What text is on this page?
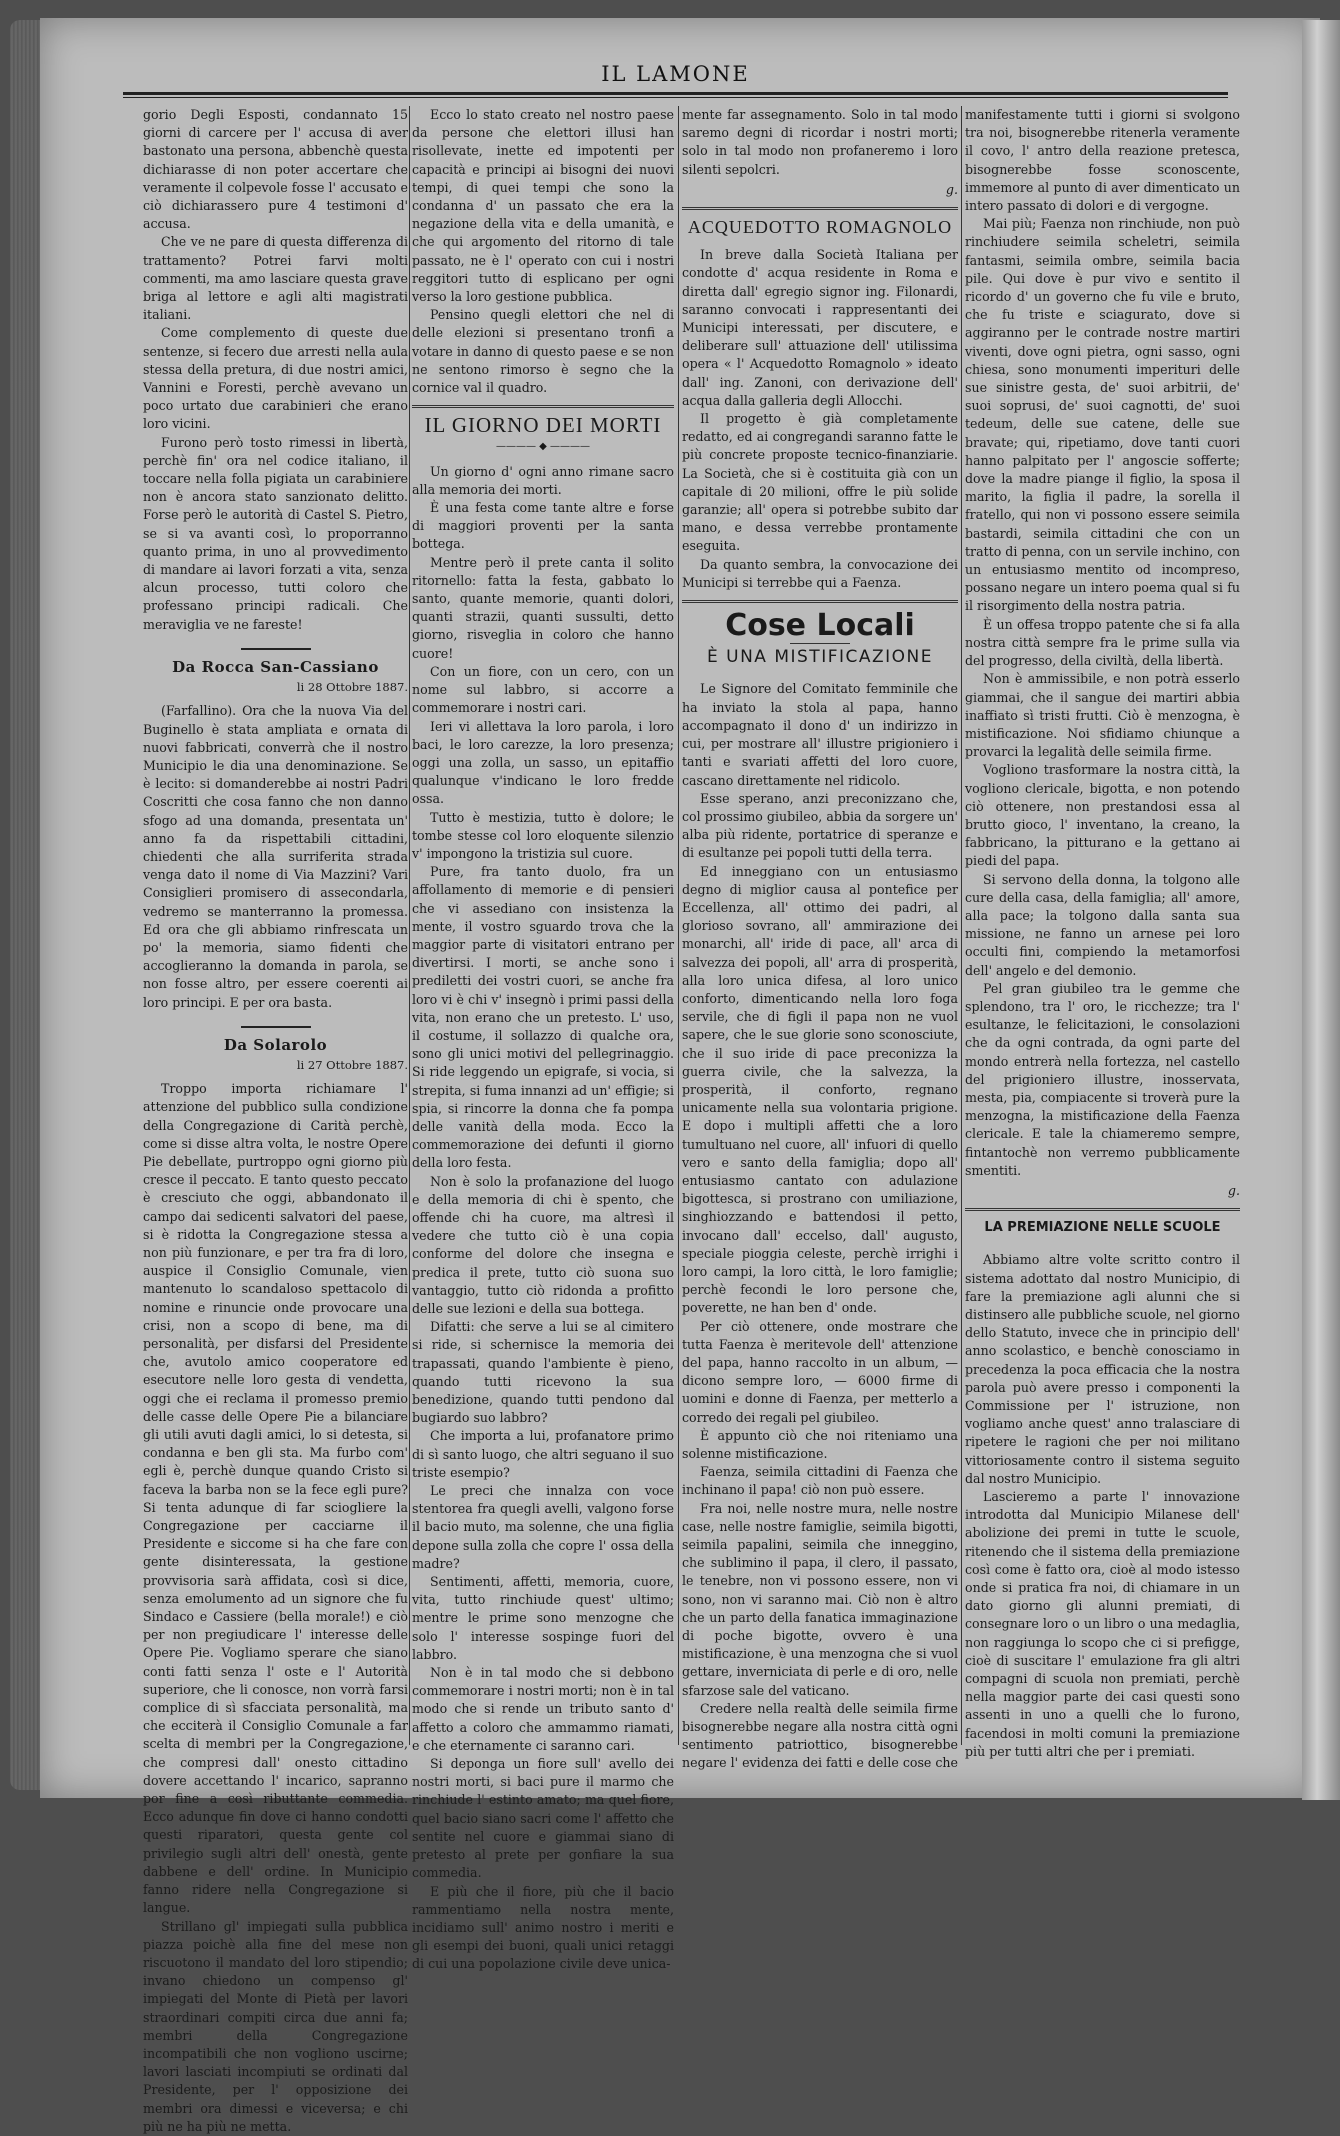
IL LAMONE

gorio Degli Esposti, condannato 15 giorni di carcere per l' accusa di aver bastonato una persona, abbenchè questa dichiarasse di non poter accertare che veramente il colpevole fosse l' accusato e ciò dichiarassero pure 4 testimoni d' accusa.

Che ve ne pare di questa differenza di trattamento? Potrei farvi molti commenti, ma amo lasciare questa grave briga al lettore e agli alti magistrati italiani.

Come complemento di queste due sentenze, si fecero due arresti nella aula stessa della pretura, di due nostri amici, Vannini e Foresti, perchè avevano un poco urtato due carabinieri che erano loro vicini.

Furono però tosto rimessi in libertà, perchè fin' ora nel codice italiano, il toccare nella folla pigiata un carabiniere non è ancora stato sanzionato delitto. Forse però le autorità di Castel S. Pietro, se si va avanti così, lo proporranno quanto prima, in uno al provvedimento di mandare ai lavori forzati a vita, senza alcun processo, tutti coloro che professano principi radicali. Che meraviglia ve ne fareste!

Da Rocca San-Cassiano
li 28 Ottobre 1887.

(Farfallino). Ora che la nuova Via del Buginello è stata ampliata e ornata di nuovi fabbricati, converrà che il nostro Municipio le dia una denominazione. Se è lecito: si domanderebbe ai nostri Padri Coscritti che cosa fanno che non danno sfogo ad una domanda, presentata un' anno fa da rispettabili cittadini, chiedenti che alla surriferita strada venga dato il nome di Via Mazzini? Vari Consiglieri promisero di assecondarla, vedremo se manterranno la promessa. Ed ora che gli abbiamo rinfrescata un po' la memoria, siamo fidenti che accoglieranno la domanda in parola, se non fosse altro, per essere coerenti ai loro principi. E per ora basta.

Da Solarolo
li 27 Ottobre 1887.

Troppo importa richiamare l' attenzione del pubblico sulla condizione della Congregazione di Carità perchè, come si disse altra volta, le nostre Opere Pie debellate, purtroppo ogni giorno più cresce il peccato. E tanto questo peccato è cresciuto che oggi, abbandonato il campo dai sedicenti salvatori del paese, si è ridotta la Congregazione stessa a non più funzionare, e per tra fra di loro, auspice il Consiglio Comunale, vien mantenuto lo scandaloso spettacolo di nomine e rinuncie onde provocare una crisi, non a scopo di bene, ma di personalità, per disfarsi del Presidente che, avutolo amico cooperatore ed esecutore nelle loro gesta di vendetta, oggi che ei reclama il promesso premio delle casse delle Opere Pie a bilanciare gli utili avuti dagli amici, lo si detesta, si condanna e ben gli sta. Ma furbo com' egli è, perchè dunque quando Cristo si faceva la barba non se la fece egli pure? Si tenta adunque di far sciogliere la Congregazione per cacciarne il Presidente e siccome si ha che fare con gente disinteressata, la gestione provvisoria sarà affidata, così si dice, senza emolumento ad un signore che fu Sindaco e Cassiere (bella morale!) e ciò per non pregiudicare l' interesse delle Opere Pie. Vogliamo sperare che siano conti fatti senza l' oste e l' Autorità superiore, che li conosce, non vorrà farsi complice di sì sfacciata personalità, ma che ecciterà il Consiglio Comunale a far scelta di membri per la Congregazione, che compresi dall' onesto cittadino dovere accettando l' incarico, sapranno por fine a così ributtante commedia. Ecco adunque fin dove ci hanno condotti questi riparatori, questa gente col privilegio sugli altri dell' onestà, gente dabbene e dell' ordine. In Municipio fanno ridere nella Congregazione si langue.

Strillano gl' impiegati sulla pubblica piazza poichè alla fine del mese non riscuotono il mandato del loro stipendio; invano chiedono un compenso gl' impiegati del Monte di Pietà per lavori straordinari compiti circa due anni fa; membri della Congregazione incompatibili che non vogliono uscirne; lavori lasciati incompiuti se ordinati dal Presidente, per l' opposizione dei membri ora dimessi e viceversa; e chi più ne ha più ne metta.

Ecco lo stato creato nel nostro paese da persone che elettori illusi han risollevate, inette ed impotenti per capacità e principi ai bisogni dei nuovi tempi, di quei tempi che sono la condanna d' un passato che era la negazione della vita e della umanità, e che qui argomento del ritorno di tale passato, ne è l' operato con cui i nostri reggitori tutto di esplicano per ogni verso la loro gestione pubblica.

Pensino quegli elettori che nel di delle elezioni si presentano tronfi a votare in danno di questo paese e se non ne sentono rimorso è segno che la cornice val il quadro.

IL GIORNO DEI MORTI
———— ◆ ————

Un giorno d' ogni anno rimane sacro alla memoria dei morti.

È una festa come tante altre e forse di maggiori proventi per la santa bottega.

Mentre però il prete canta il solito ritornello: fatta la festa, gabbato lo santo, quante memorie, quanti dolori, quanti strazii, quanti sussulti, detto giorno, risveglia in coloro che hanno cuore!

Con un fiore, con un cero, con un nome sul labbro, si accorre a commemorare i nostri cari.

Ieri vi allettava la loro parola, i loro baci, le loro carezze, la loro presenza; oggi una zolla, un sasso, un epitaffio qualunque v'indicano le loro fredde ossa.

Tutto è mestizia, tutto è dolore; le tombe stesse col loro eloquente silenzio v' impongono la tristizia sul cuore.

Pure, fra tanto duolo, fra un affollamento di memorie e di pensieri che vi assediano con insistenza la mente, il vostro sguardo trova che la maggior parte di visitatori entrano per divertirsi. I morti, se anche sono i prediletti dei vostri cuori, se anche fra loro vi è chi v' insegnò i primi passi della vita, non erano che un pretesto. L' uso, il costume, il sollazzo di qualche ora, sono gli unici motivi del pellegrinaggio. Si ride leggendo un epigrafe, si vocia, si strepita, si fuma innanzi ad un' effigie; si spia, si rincorre la donna che fa pompa delle vanità della moda. Ecco la commemorazione dei defunti il giorno della loro festa.

Non è solo la profanazione del luogo e della memoria di chi è spento, che offende chi ha cuore, ma altresì il vedere che tutto ciò è una copia conforme del dolore che insegna e predica il prete, tutto ciò suona suo vantaggio, tutto ciò ridonda a profitto delle sue lezioni e della sua bottega.

Difatti: che serve a lui se al cimitero si ride, si schernisce la memoria dei trapassati, quando l'ambiente è pieno, quando tutti ricevono la sua benedizione, quando tutti pendono dal bugiardo suo labbro?

Che importa a lui, profanatore primo di sì santo luogo, che altri seguano il suo triste esempio?

Le preci che innalza con voce stentorea fra quegli avelli, valgono forse il bacio muto, ma solenne, che una figlia depone sulla zolla che copre l' ossa della madre?

Sentimenti, affetti, memoria, cuore, vita, tutto rinchiude quest' ultimo; mentre le prime sono menzogne che solo l' interesse sospinge fuori del labbro.

Non è in tal modo che si debbono commemorare i nostri morti; non è in tal modo che si rende un tributo santo d' affetto a coloro che ammammo riamati, e che eternamente ci saranno cari.

Si deponga un fiore sull' avello dei nostri morti, si baci pure il marmo che rinchiude l' estinto amato; ma quel fiore, quel bacio siano sacri come l' affetto che sentite nel cuore e giammai siano di pretesto al prete per gonfiare la sua commedia.

E più che il fiore, più che il bacio rammentiamo nella nostra mente, incidiamo sull' animo nostro i meriti e gli esempi dei buoni, quali unici retaggi di cui una popolazione civile deve unica-

mente far assegnamento. Solo in tal modo saremo degni di ricordar i nostri morti; solo in tal modo non profaneremo i loro silenti sepolcri.

g.
ACQUEDOTTO ROMAGNOLO

In breve dalla Società Italiana per condotte d' acqua residente in Roma e diretta dall' egregio signor ing. Filonardi, saranno convocati i rappresentanti dei Municipi interessati, per discutere, e deliberare sull' attuazione dell' utilissima opera « l' Acquedotto Romagnolo » ideato dall' ing. Zanoni, con derivazione dell' acqua dalla galleria degli Allocchi.

Il progetto è già completamente redatto, ed ai congregandi saranno fatte le più concrete proposte tecnico-finanziarie. La Società, che si è costituita già con un capitale di 20 milioni, offre le più solide garanzie; all' opera si potrebbe subito dar mano, e dessa verrebbe prontamente eseguita.

Da quanto sembra, la convocazione dei Municipi si terrebbe qui a Faenza.

Cose Locali
È UNA MISTIFICAZIONE

Le Signore del Comitato femminile che ha inviato la stola al papa, hanno accompagnato il dono d' un indirizzo in cui, per mostrare all' illustre prigioniero i tanti e svariati affetti del loro cuore, cascano direttamente nel ridicolo.

Esse sperano, anzi preconizzano che, col prossimo giubileo, abbia da sorgere un' alba più ridente, portatrice di speranze e di esultanze pei popoli tutti della terra.

Ed inneggiano con un entusiasmo degno di miglior causa al pontefice per Eccellenza, all' ottimo dei padri, al glorioso sovrano, all' ammirazione dei monarchi, all' iride di pace, all' arca di salvezza dei popoli, all' arra di prosperità, alla loro unica difesa, al loro unico conforto, dimenticando nella loro foga servile, che di figli il papa non ne vuol sapere, che le sue glorie sono sconosciute, che il suo iride di pace preconizza la guerra civile, che la salvezza, la prosperità, il conforto, regnano unicamente nella sua volontaria prigione. E dopo i multipli affetti che a loro tumultuano nel cuore, all' infuori di quello vero e santo della famiglia; dopo all' entusiasmo cantato con adulazione bigottesca, si prostrano con umiliazione, singhiozzando e battendosi il petto, invocano dall' eccelso, dall' augusto, speciale pioggia celeste, perchè irrighi i loro campi, la loro città, le loro famiglie; perchè fecondi le loro persone che, poverette, ne han ben d' onde.

Per ciò ottenere, onde mostrare che tutta Faenza è meritevole dell' attenzione del papa, hanno raccolto in un album, — dicono sempre loro, — 6000 firme di uomini e donne di Faenza, per metterlo a corredo dei regali pel giubileo.

È appunto ciò che noi riteniamo una solenne mistificazione.

Faenza, seimila cittadini di Faenza che inchinano il papa! ciò non può essere.

Fra noi, nelle nostre mura, nelle nostre case, nelle nostre famiglie, seimila bigotti, seimila papalini, seimila che inneggino, che sublimino il papa, il clero, il passato, le tenebre, non vi possono essere, non vi sono, non vi saranno mai. Ciò non è altro che un parto della fanatica immaginazione di poche bigotte, ovvero è una mistificazione, è una menzogna che si vuol gettare, inverniciata di perle e di oro, nelle sfarzose sale del vaticano.

Credere nella realtà delle seimila firme bisognerebbe negare alla nostra città ogni sentimento patriottico, bisognerebbe negare l' evidenza dei fatti e delle cose che

manifestamente tutti i giorni si svolgono tra noi, bisognerebbe ritenerla veramente il covo, l' antro della reazione pretesca, bisognerebbe fosse sconoscente, immemore al punto di aver dimenticato un intero passato di dolori e di vergogne.

Mai più; Faenza non rinchiude, non può rinchiudere seimila scheletri, seimila fantasmi, seimila ombre, seimila bacia pile. Qui dove è pur vivo e sentito il ricordo d' un governo che fu vile e bruto, che fu triste e sciagurato, dove si aggiranno per le contrade nostre martiri viventi, dove ogni pietra, ogni sasso, ogni chiesa, sono monumenti imperituri delle sue sinistre gesta, de' suoi arbitrii, de' suoi soprusi, de' suoi cagnotti, de' suoi tedeum, delle sue catene, delle sue bravate; qui, ripetiamo, dove tanti cuori hanno palpitato per l' angoscie sofferte; dove la madre piange il figlio, la sposa il marito, la figlia il padre, la sorella il fratello, qui non vi possono essere seimila bastardi, seimila cittadini che con un tratto di penna, con un servile inchino, con un entusiasmo mentito od incompreso, possano negare un intero poema qual si fu il risorgimento della nostra patria.

È un offesa troppo patente che si fa alla nostra città sempre fra le prime sulla via del progresso, della civiltà, della libertà.

Non è ammissibile, e non potrà esserlo giammai, che il sangue dei martiri abbia inaffiato sì tristi frutti. Ciò è menzogna, è mistificazione. Noi sfidiamo chiunque a provarci la legalità delle seimila firme.

Vogliono trasformare la nostra città, la vogliono clericale, bigotta, e non potendo ciò ottenere, non prestandosi essa al brutto gioco, l' inventano, la creano, la fabbricano, la pitturano e la gettano ai piedi del papa.

Si servono della donna, la tolgono alle cure della casa, della famiglia; all' amore, alla pace; la tolgono dalla santa sua missione, ne fanno un arnese pei loro occulti fini, compiendo la metamorfosi dell' angelo e del demonio.

Pel gran giubileo tra le gemme che splendono, tra l' oro, le ricchezze; tra l' esultanze, le felicitazioni, le consolazioni che da ogni contrada, da ogni parte del mondo entrerà nella fortezza, nel castello del prigioniero illustre, inosservata, mesta, pia, compiacente si troverà pure la menzogna, la mistificazione della Faenza clericale. E tale la chiameremo sempre, fintantochè non verremo pubblicamente smentiti.

g.
LA PREMIAZIONE NELLE SCUOLE

Abbiamo altre volte scritto contro il sistema adottato dal nostro Municipio, di fare la premiazione agli alunni che si distinsero alle pubbliche scuole, nel giorno dello Statuto, invece che in principio dell' anno scolastico, e benchè conosciamo in precedenza la poca efficacia che la nostra parola può avere presso i componenti la Commissione per l' istruzione, non vogliamo anche quest' anno tralasciare di ripetere le ragioni che per noi militano vittoriosamente contro il sistema seguito dal nostro Municipio.

Lascieremo a parte l' innovazione introdotta dal Municipio Milanese dell' abolizione dei premi in tutte le scuole, ritenendo che il sistema della premiazione così come è fatto ora, cioè al modo istesso onde si pratica fra noi, di chiamare in un dato giorno gli alunni premiati, di consegnare loro o un libro o una medaglia, non raggiunga lo scopo che ci si prefigge, cioè di suscitare l' emulazione fra gli altri compagni di scuola non premiati, perchè nella maggior parte dei casi questi sono assenti in uno a quelli che lo furono, facendosi in molti comuni la premiazione più per tutti altri che per i premiati.
